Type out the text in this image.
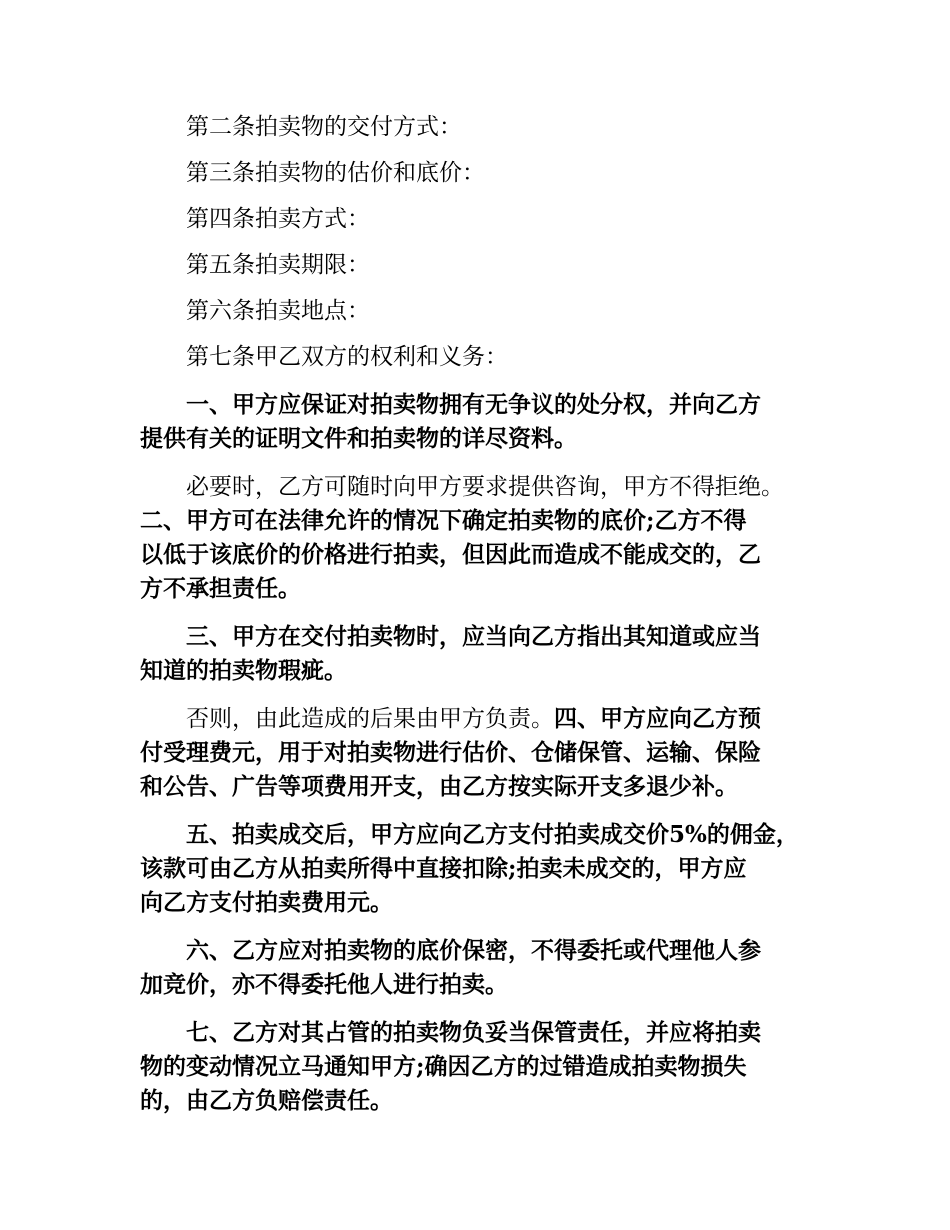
第二条拍卖物的交付方式：
第三条拍卖物的估价和底价：
第四条拍卖方式：
第五条拍卖期限：
第六条拍卖地点：
第七条甲乙双方的权利和义务：
一、甲方应保证对拍卖物拥有无争议的处分权，并向乙方
提供有关的证明文件和拍卖物的详尽资料。
必要时，乙方可随时向甲方要求提供咨询，甲方不得拒绝。
二、甲方可在法律允许的情况下确定拍卖物的底价;乙方不得
以低于该底价的价格进行拍卖，但因此而造成不能成交的，乙
方不承担责任。
三、甲方在交付拍卖物时，应当向乙方指出其知道或应当
知道的拍卖物瑕疵。
否则，由此造成的后果由甲方负责。四、甲方应向乙方预
付受理费元，用于对拍卖物进行估价、仓储保管、运输、保险
和公告、广告等项费用开支，由乙方按实际开支多退少补。
五、拍卖成交后，甲方应向乙方支付拍卖成交价5%的佣金，
该款可由乙方从拍卖所得中直接扣除;拍卖未成交的，甲方应
向乙方支付拍卖费用元。
六、乙方应对拍卖物的底价保密，不得委托或代理他人参
加竞价，亦不得委托他人进行拍卖。
七、乙方对其占管的拍卖物负妥当保管责任，并应将拍卖
物的变动情况立马通知甲方;确因乙方的过错造成拍卖物损失
的，由乙方负赔偿责任。
